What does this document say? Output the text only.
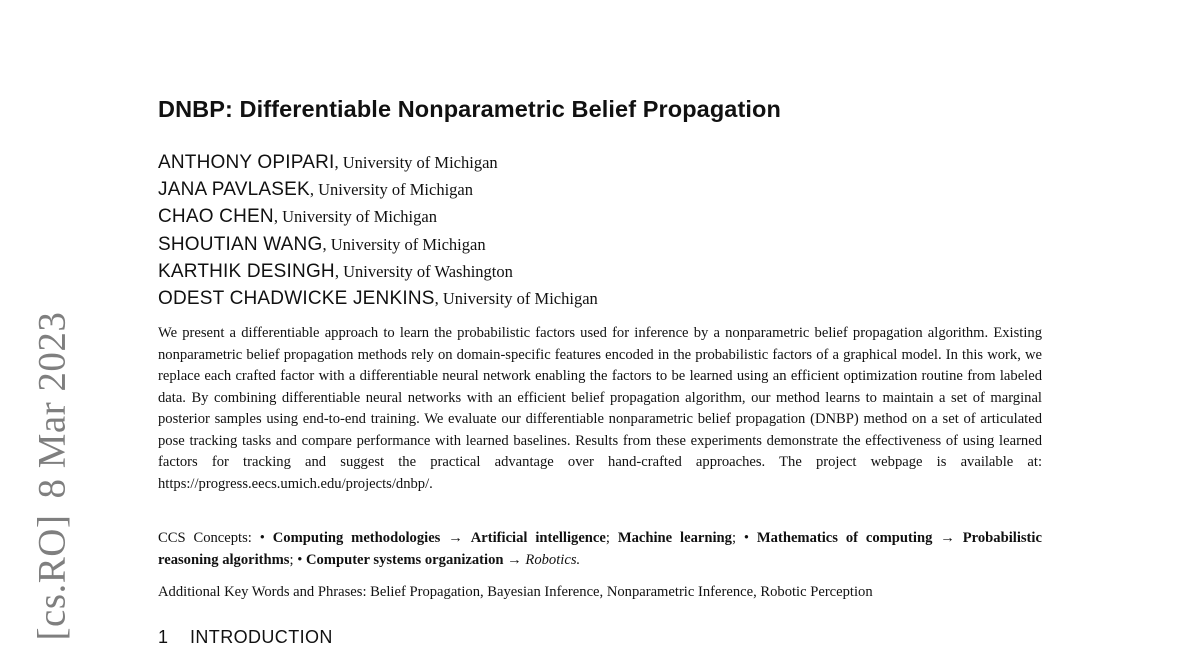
[cs.RO]8 Mar 2023
DNBP: Differentiable Nonparametric Belief Propagation
ANTHONY OPIPARI, University of Michigan
JANA PAVLASEK, University of Michigan
CHAO CHEN, University of Michigan
SHOUTIAN WANG, University of Michigan
KARTHIK DESINGH, University of Washington
ODEST CHADWICKE JENKINS, University of Michigan

We present a differentiable approach to learn the probabilistic factors used for inference by a nonparametric belief propagation algorithm. Existing nonparametric belief propagation methods rely on domain-specific features encoded in the probabilistic factors of a graphical model. In this work, we replace each crafted factor with a differentiable neural network enabling the factors to be learned using an efficient optimization routine from labeled data. By combining differentiable neural networks with an efficient belief propagation algorithm, our method learns to maintain a set of marginal posterior samples using end-to-end training. We evaluate our differentiable nonparametric belief propagation (DNBP) method on a set of articulated pose tracking tasks and compare performance with learned baselines. Results from these experiments demonstrate the effectiveness of using learned factors for tracking and suggest the practical advantage over hand-crafted approaches. The project webpage is available at: https://progress.eecs.umich.edu/projects/dnbp/.

CCS Concepts: • Computing methodologies → Artificial intelligence; Machine learning; • Mathematics of computing → Probabilistic reasoning algorithms; • Computer systems organization → Robotics.

Additional Key Words and Phrases: Belief Propagation, Bayesian Inference, Nonparametric Inference, Robotic Perception

1 INTRODUCTION
